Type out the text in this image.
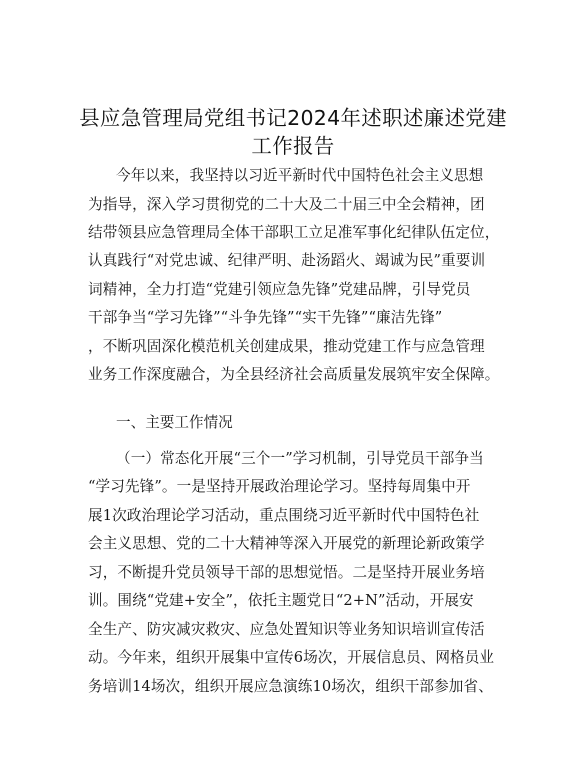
县应急管理局党组书记2024年述职述廉述党建
工作报告
今年以来，我坚持以习近平新时代中国特色社会主义思想
为指导，深入学习贯彻党的二十大及二十届三中全会精神，团
结带领县应急管理局全体干部职工立足准军事化纪律队伍定位，
认真践行“对党忠诚、纪律严明、赴汤蹈火、竭诚为民”重要训
词精神，全力打造“党建引领应急先锋”党建品牌，引导党员
干部争当“学习先锋”“斗争先锋”“实干先锋”“廉洁先锋”
，不断巩固深化模范机关创建成果，推动党建工作与应急管理
业务工作深度融合，为全县经济社会高质量发展筑牢安全保障。
一、主要工作情况
（一）常态化开展“三个一”学习机制，引导党员干部争当
“学习先锋”。一是坚持开展政治理论学习。坚持每周集中开
展1次政治理论学习活动，重点围绕习近平新时代中国特色社
会主义思想、党的二十大精神等深入开展党的新理论新政策学
习，不断提升党员领导干部的思想觉悟。二是坚持开展业务培
训。围绕“党建+安全”，依托主题党日“2+N”活动，开展安
全生产、防灾减灾救灾、应急处置知识等业务知识培训宣传活
动。今年来，组织开展集中宣传6场次，开展信息员、网格员业
务培训14场次，组织开展应急演练10场次，组织干部参加省、
